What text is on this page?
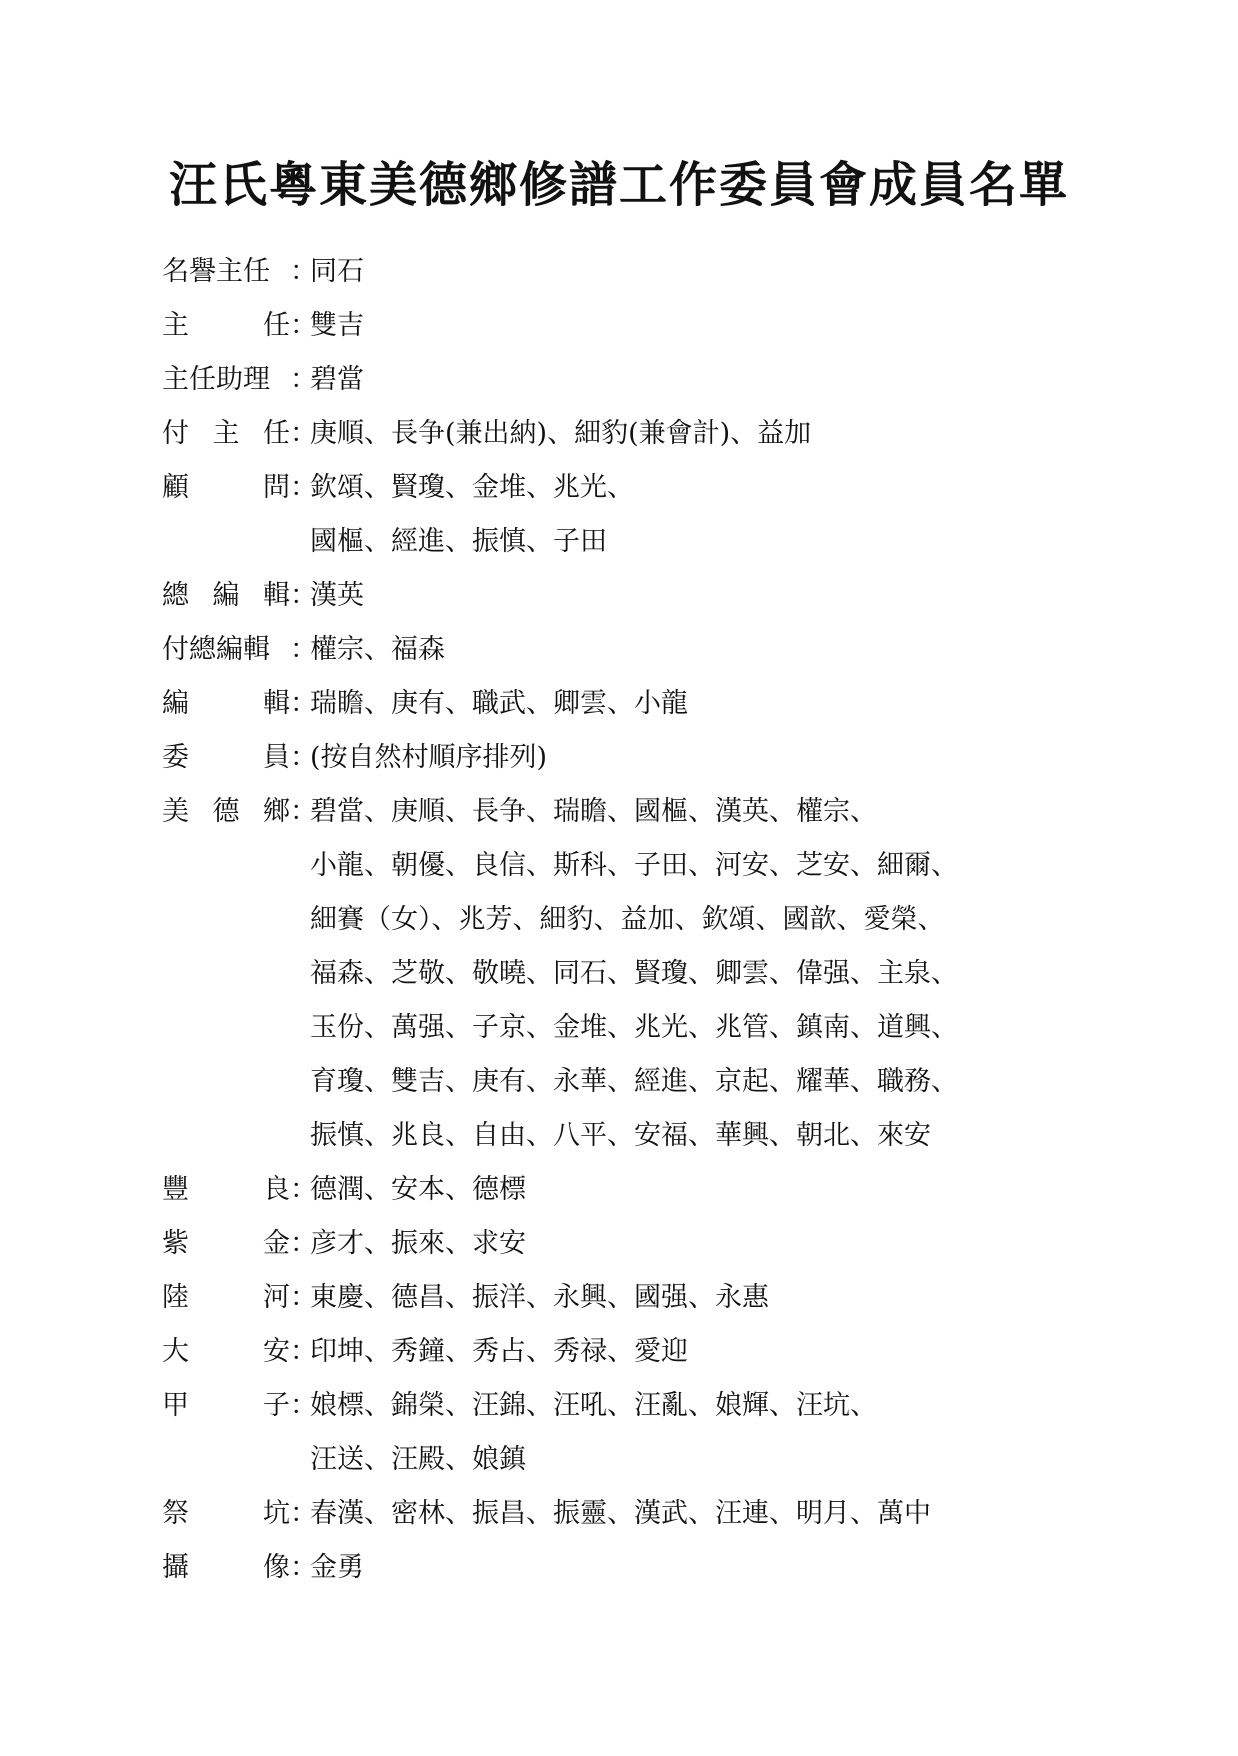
汪氏粵東美德鄉修譜工作委員會成員名單
名 譽 主 任 ：
同石
主	任 ：
雙吉
主 任 助 理 ：
碧當
付 主 任 ：
庚順、長争(兼出納)、細豹(兼會計)、益加
顧	問 ：
欽頌、賢瓊、金堆、兆光、
國樞、經進、振慎、子田
總 編 輯 ：
漢英
付 總 編 輯 ：
權宗、福森
編	輯 ：
瑞瞻、庚有、職武、卿雲、小龍
委	員 ：
(按自然村順序排列)
美 德 鄉 ：
碧當、庚順、長争、瑞瞻、國樞、漢英、權宗、
小龍、朝優、良信、斯科、子田、河安、芝安、細爾、
細賽（女）、兆芳、細豹、益加、欽頌、國歆、愛榮、
福森、芝敬、敬曉、同石、賢瓊、卿雲、偉强、主泉、
玉份、萬强、子京、金堆、兆光、兆管、鎮南、道興、
育瓊、雙吉、庚有、永華、經進、京起、耀華、職務、
振慎、兆良、自由、八平、安福、華興、朝北、來安
豐	良 ：
德潤、安本、德標
紫	金 ：
彦才、振來、求安
陸	河 ：
東慶、德昌、振洋、永興、國强、永惠
大	安 ：
印坤、秀鐘、秀占、秀禄、愛迎
甲	子 ：
娘標、錦榮、汪錦、汪吼、汪亂、娘輝、汪坑、
汪送、汪殿、娘鎮
祭	坑 ：
春漢、密林、振昌、振靈、漢武、汪連、明月、萬中
攝	像 ：
金勇
